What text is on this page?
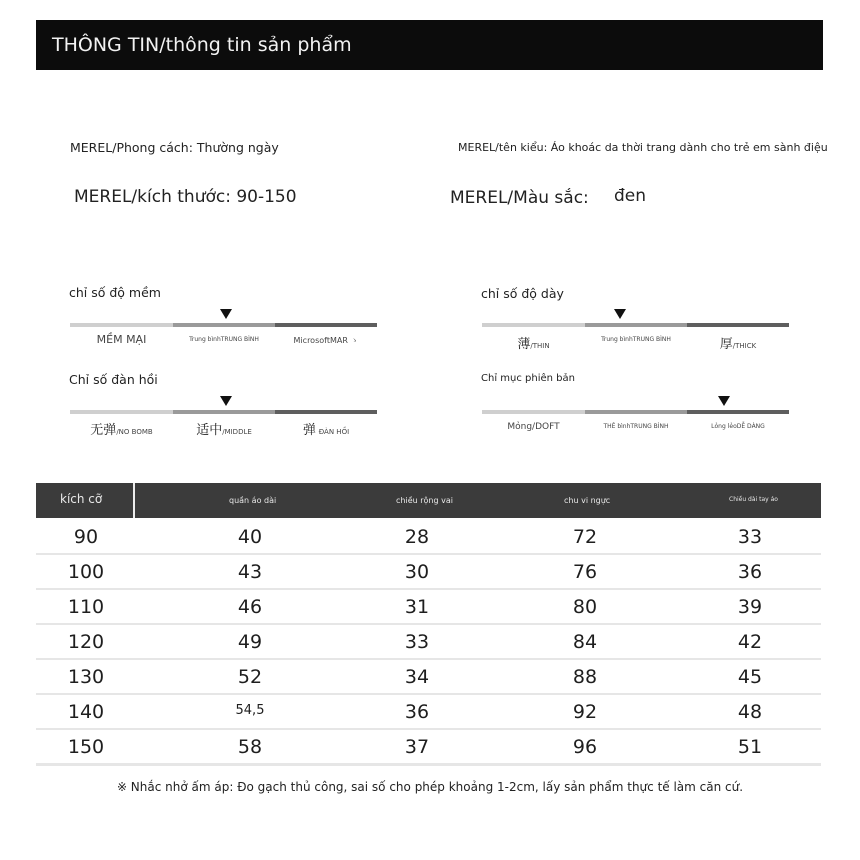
THÔNG TIN/thông tin sản phẩm
MEREL/Phong cách: Thường ngày	MEREL/tên kiểu: Áo khoác da thời trang dành cho trẻ em sành điệu
MEREL/kích thước: 90-150	MEREL/Màu sắc: đen
chỉ số độ mềm
MỀM MẠI	Trung bìnhTRUNG BÌNH	MicrosoftMAR ゝ
chỉ số độ dày
薄/THIN
Trung bìnhTRUNG BÌNH	厚/THICK
Chỉ số đàn hồi
无弹/NO BOMB	适中/MIDDLE	弹 ĐÀN HỒI
Chỉ mục phiên bản
Mỏng/DOFT	THÊ bìnhTRUNG BÌNH	Lỏng lẻoDỄ DÀNG
kích cỡ	quần áo dài	chiều rộng vai	chu vi ngực	Chiều dài tay áo
90	40	28	72	33
100	43	30	76	36
110	46	31	80	39
120	49	33	84	42
130	52	34	88	45
140	54,5	36	92	48
150	58	37	96	51
※ Nhắc nhở ấm áp: Đo gạch thủ công, sai số cho phép khoảng 1-2cm, lấy sản phẩm thực tế làm căn cứ.
